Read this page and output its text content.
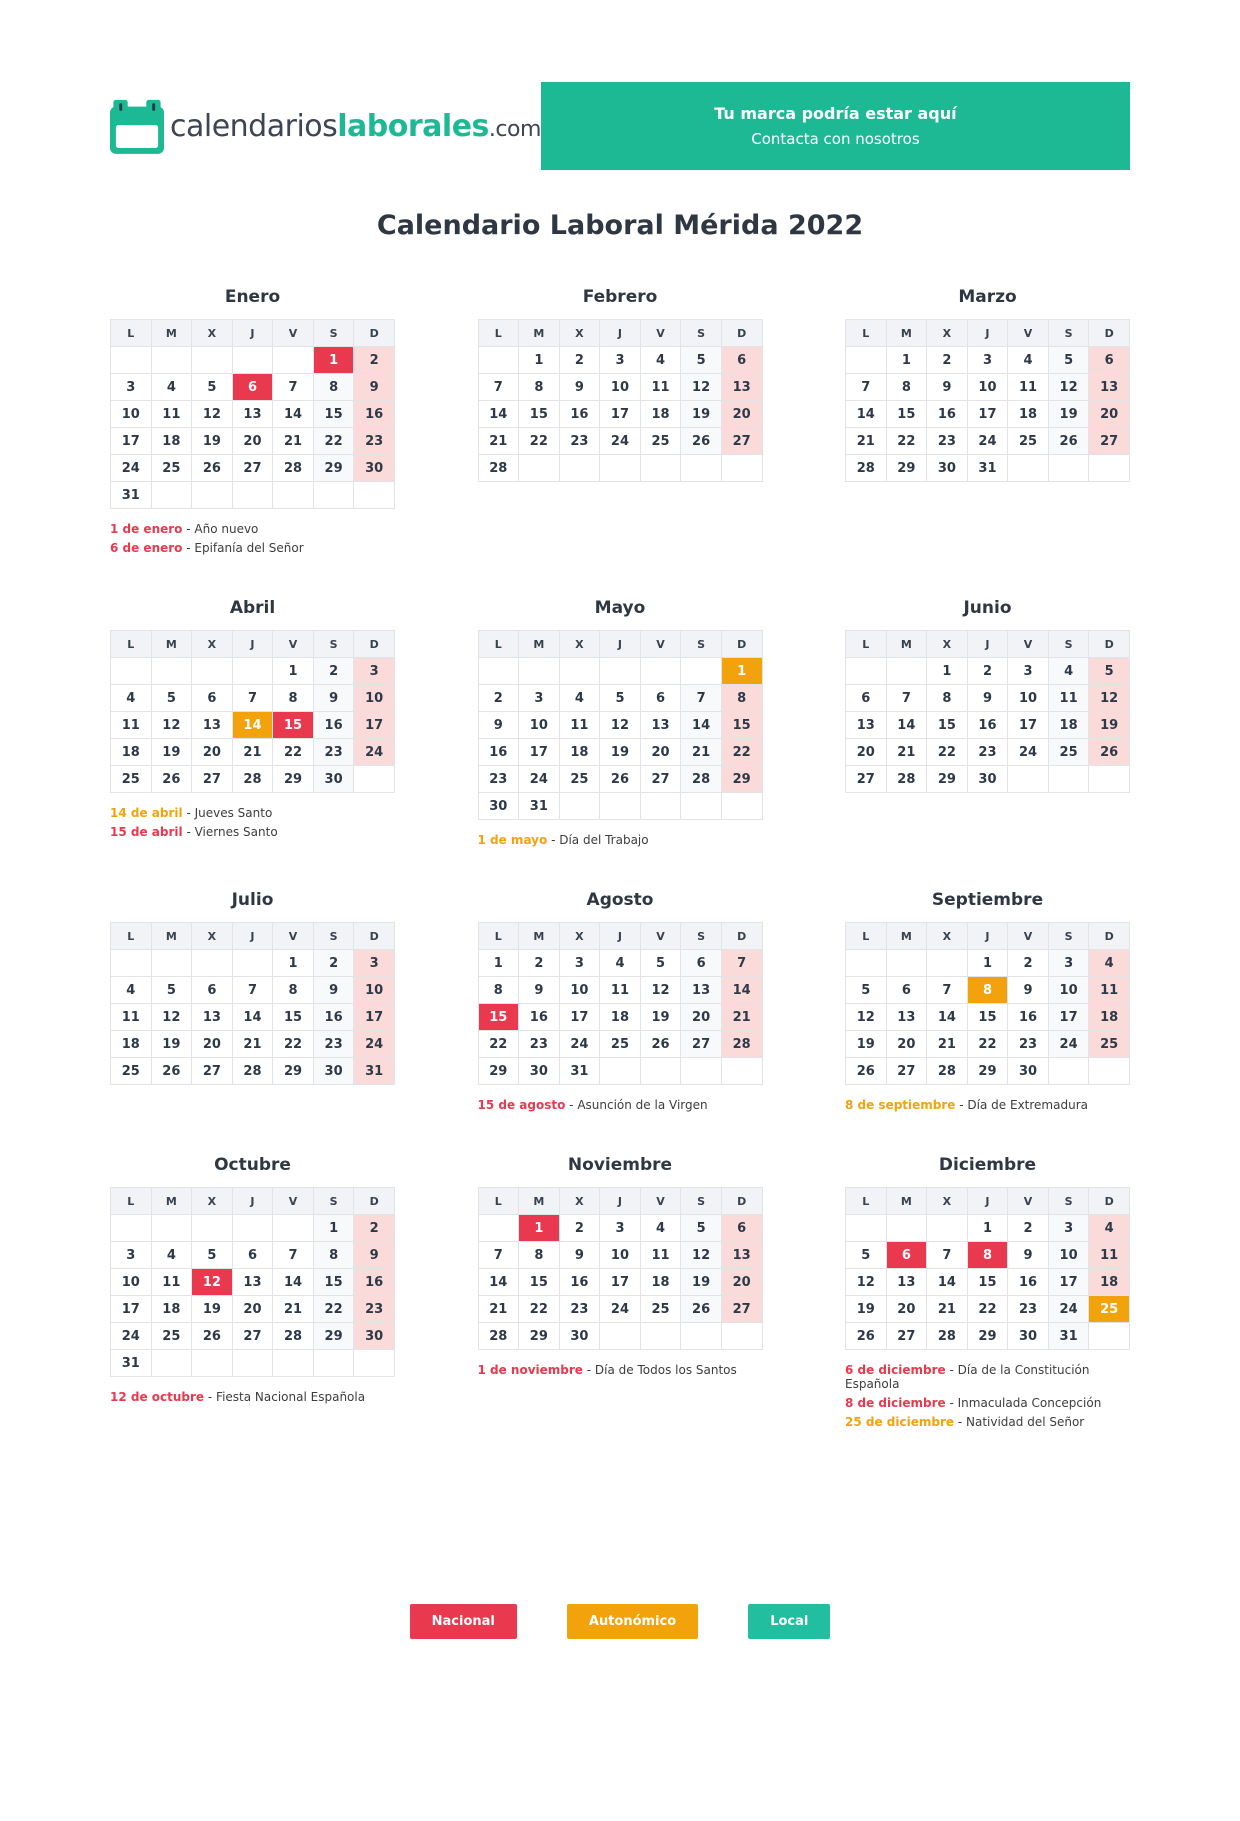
calendarioslaborales.com
Tu marca podría estar aquí
Contacta con nosotros
Calendario Laboral Mérida 2022
Enero
L	M	X	J	V	S	D
					1	2
3	4	5	6	7	8	9
10	11	12	13	14	15	16
17	18	19	20	21	22	23
24	25	26	27	28	29	30
31						
1 de enero - Año nuevo
6 de enero - Epifanía del Señor
Febrero
L	M	X	J	V	S	D
	1	2	3	4	5	6
7	8	9	10	11	12	13
14	15	16	17	18	19	20
21	22	23	24	25	26	27
28						
Marzo
L	M	X	J	V	S	D
	1	2	3	4	5	6
7	8	9	10	11	12	13
14	15	16	17	18	19	20
21	22	23	24	25	26	27
28	29	30	31			
Abril
L	M	X	J	V	S	D
				1	2	3
4	5	6	7	8	9	10
11	12	13	14	15	16	17
18	19	20	21	22	23	24
25	26	27	28	29	30	
14 de abril - Jueves Santo
15 de abril - Viernes Santo
Mayo
L	M	X	J	V	S	D
						1
2	3	4	5	6	7	8
9	10	11	12	13	14	15
16	17	18	19	20	21	22
23	24	25	26	27	28	29
30	31					
1 de mayo - Día del Trabajo
Junio
L	M	X	J	V	S	D
		1	2	3	4	5
6	7	8	9	10	11	12
13	14	15	16	17	18	19
20	21	22	23	24	25	26
27	28	29	30			
Julio
L	M	X	J	V	S	D
				1	2	3
4	5	6	7	8	9	10
11	12	13	14	15	16	17
18	19	20	21	22	23	24
25	26	27	28	29	30	31
Agosto
L	M	X	J	V	S	D
1	2	3	4	5	6	7
8	9	10	11	12	13	14
15	16	17	18	19	20	21
22	23	24	25	26	27	28
29	30	31				
15 de agosto - Asunción de la Virgen
Septiembre
L	M	X	J	V	S	D
			1	2	3	4
5	6	7	8	9	10	11
12	13	14	15	16	17	18
19	20	21	22	23	24	25
26	27	28	29	30		
8 de septiembre - Día de Extremadura
Octubre
L	M	X	J	V	S	D
					1	2
3	4	5	6	7	8	9
10	11	12	13	14	15	16
17	18	19	20	21	22	23
24	25	26	27	28	29	30
31						
12 de octubre - Fiesta Nacional Española
Noviembre
L	M	X	J	V	S	D
	1	2	3	4	5	6
7	8	9	10	11	12	13
14	15	16	17	18	19	20
21	22	23	24	25	26	27
28	29	30				
1 de noviembre - Día de Todos los Santos
Diciembre
L	M	X	J	V	S	D
			1	2	3	4
5	6	7	8	9	10	11
12	13	14	15	16	17	18
19	20	21	22	23	24	25
26	27	28	29	30	31	
6 de diciembre - Día de la Constitución Española
8 de diciembre - Inmaculada Concepción
25 de diciembre - Natividad del Señor
Nacional	Autonómico	Local
